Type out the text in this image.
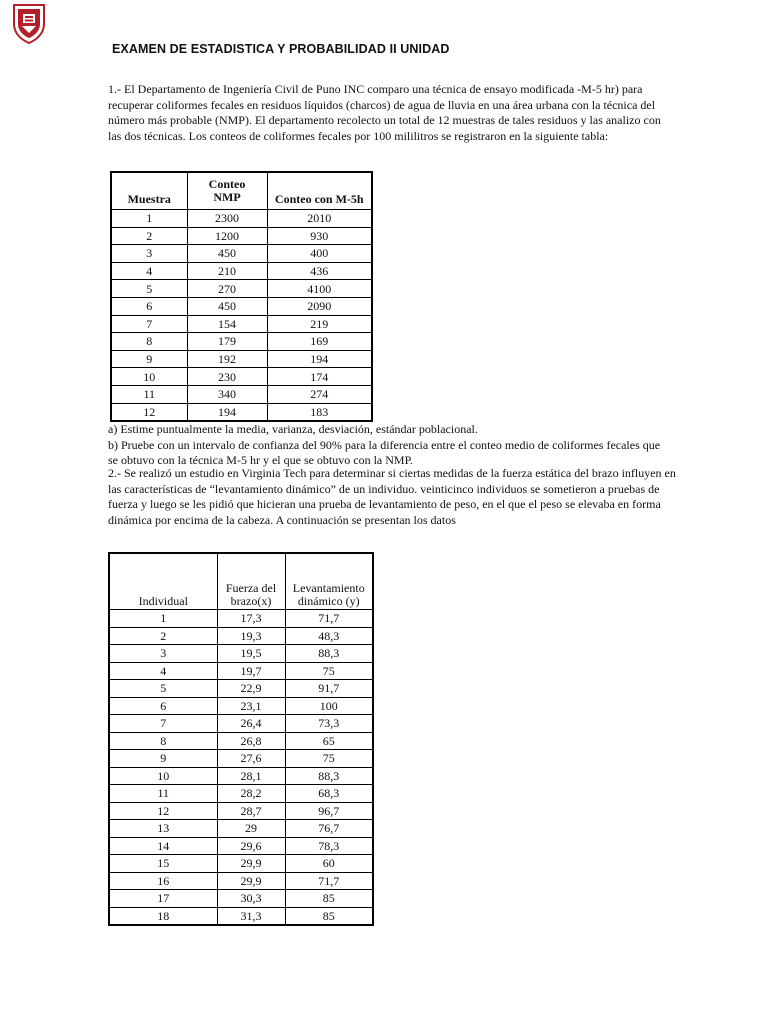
EXAMEN DE ESTADISTICA Y PROBABILIDAD II UNIDAD

1.- El Departamento de Ingeniería Civil de Puno INC comparo una técnica de ensayo modificada -M-5 hr) para recuperar coliformes fecales en residuos líquidos (charcos) de agua de lluvia en una área urbana con la técnica del número más probable (NMP). El departamento recolecto un total de 12 muestras de tales residuos y las analizo con las dos técnicas. Los conteos de coliformes fecales por 100 mililitros se registraron en la siguiente tabla:

Muestra	Conteo NMP	Conteo con M-5h
1	2300	2010
2	1200	930
3	450	400
4	210	436
5	270	4100
6	450	2090
7	154	219
8	179	169
9	192	194
10	230	174
11	340	274
12	194	183

a) Estime puntualmente la media, varianza, desviación, estándar poblacional.
b) Pruebe con un intervalo de confianza del 90% para la diferencia entre el conteo medio de coliformes fecales que se obtuvo con la técnica M-5 hr y el que se obtuvo con la NMP.

2.- Se realizó un estudio en Virginia Tech para determinar si ciertas medidas de la fuerza estática del brazo influyen en las características de “levantamiento dinámico” de un individuo. veinticinco individuos se sometieron a pruebas de fuerza y luego se les pidió que hicieran una prueba de levantamiento de peso, en el que el peso se elevaba en forma dinámica por encima de la cabeza. A continuación se presentan los datos

Individual	Fuerza del brazo(x)	Levantamiento dinámico (y)
1	17,3	71,7
2	19,3	48,3
3	19,5	88,3
4	19,7	75
5	22,9	91,7
6	23,1	100
7	26,4	73,3
8	26,8	65
9	27,6	75
10	28,1	88,3
11	28,2	68,3
12	28,7	96,7
13	29	76,7
14	29,6	78,3
15	29,9	60
16	29,9	71,7
17	30,3	85
18	31,3	85
